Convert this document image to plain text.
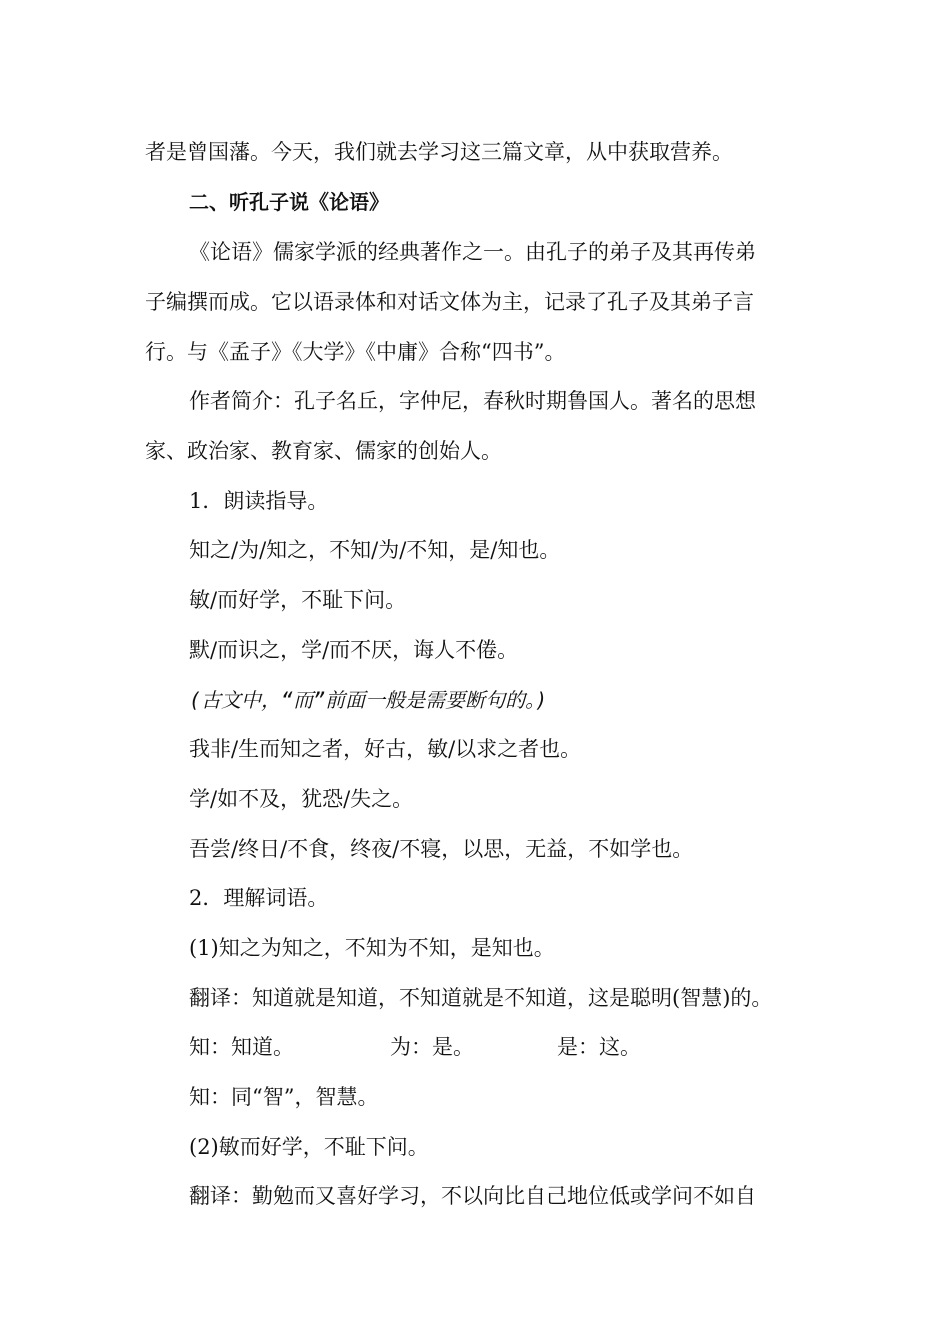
者是曾国藩。今天，我们就去学习这三篇文章，从中获取营养。
二、听孔子说《论语》
《论语》儒家学派的经典著作之一。由孔子的弟子及其再传弟
子编撰而成。它以语录体和对话文体为主，记录了孔子及其弟子言
行。与《孟子》《大学》《中庸》合称“四书”。
作者简介：孔子名丘，字仲尼，春秋时期鲁国人。著名的思想
家、政治家、教育家、儒家的创始人。
1．朗读指导。
知之/为/知之，不知/为/不知，是/知也。
敏/而好学，不耻下问。
默/而识之，学/而不厌，诲人不倦。
(古文中，“而”前面一般是需要断句的。)
我非/生而知之者，好古，敏/以求之者也。
学/如不及，犹恐/失之。
吾尝/终日/不食，终夜/不寝，以思，无益，不如学也。
2．理解词语。
(1)知之为知之，不知为不知，是知也。
翻译：知道就是知道，不知道就是不知道，这是聪明(智慧)的。
知：知道。	为：是。	是：这。
知：同“智”，智慧。
(2)敏而好学，不耻下问。
翻译：勤勉而又喜好学习，不以向比自己地位低或学问不如自
